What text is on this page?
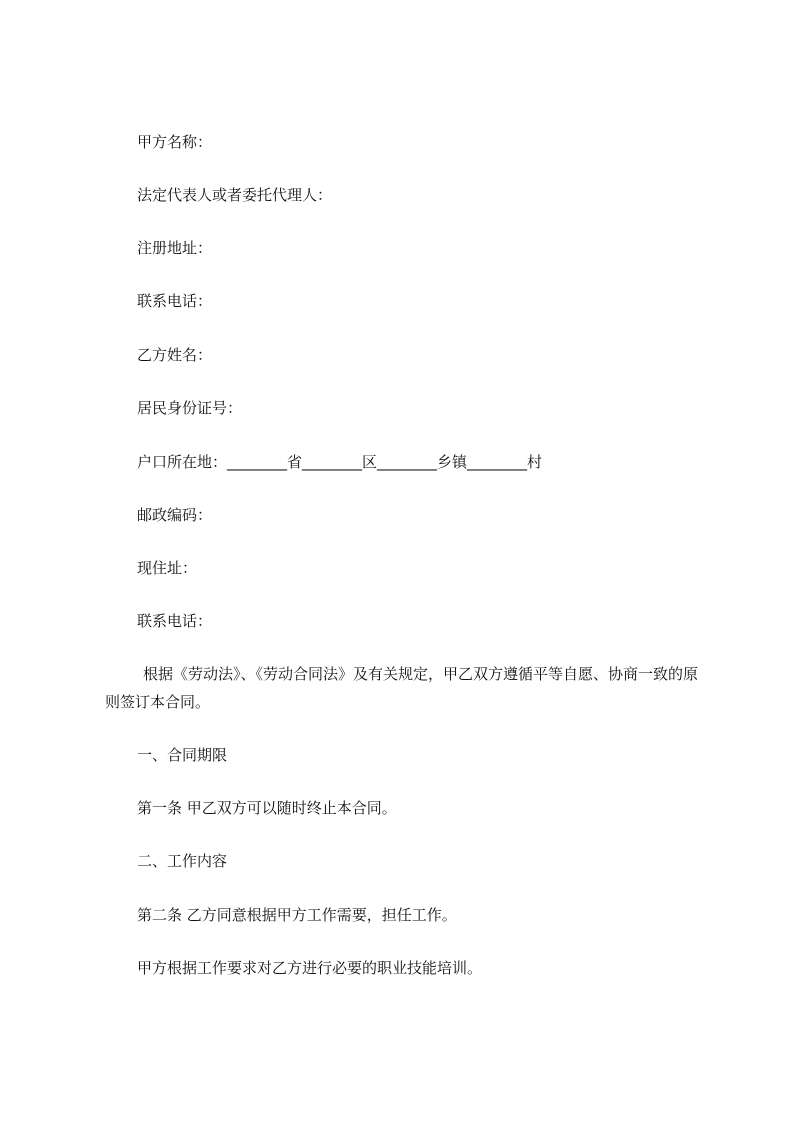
甲方名称：

法定代表人或者委托代理人：

注册地址：

联系电话：

乙方姓名：

居民身份证号：

户口所在地：________省________区________乡镇________村

邮政编码：

现住址：

联系电话：

根据《劳动法》、《劳动合同法》及有关规定，甲乙双方遵循平等自愿、协商一致的原则签订本合同。

一、合同期限

第一条 甲乙双方可以随时终止本合同。

二、工作内容

第二条 乙方同意根据甲方工作需要，担任工作。

甲方根据工作要求对乙方进行必要的职业技能培训。
